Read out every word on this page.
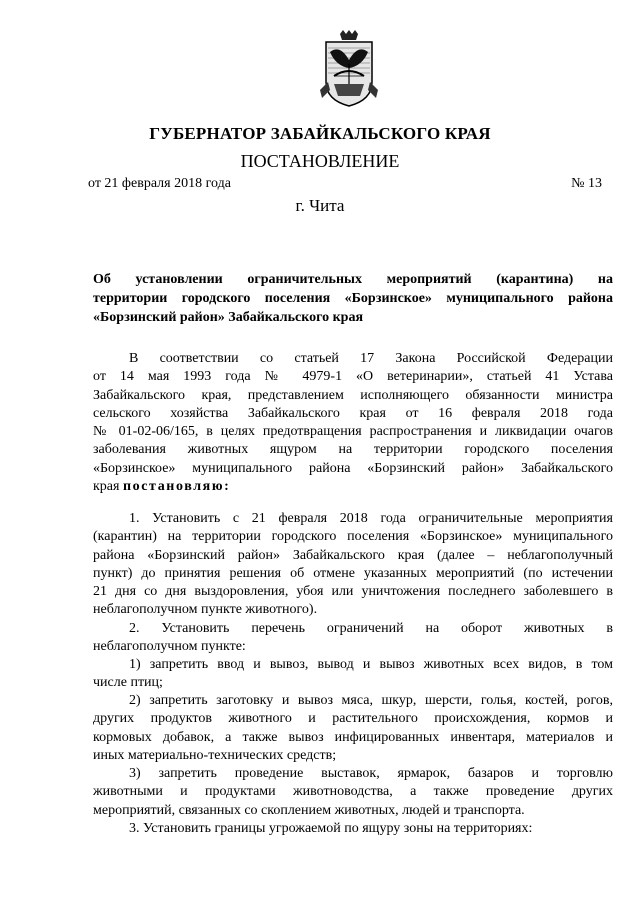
ГУБЕРНАТОР ЗАБАЙКАЛЬСКОГО КРАЯ
ПОСТАНОВЛЕНИЕ
от 21 февраля 2018 года	№ 13
г. Чита
Об установлении ограничительных мероприятий (карантина) на
территории городского поселения «Борзинское» муниципального района
«Борзинский район» Забайкальского края
В соответствии со статьей 17 Закона Российской Федерации
от 14 мая 1993 года № 4979-1 «О ветеринарии», статьей 41 Устава
Забайкальского края, представлением исполняющего обязанности министра
сельского хозяйства Забайкальского края от 16 февраля 2018 года
№ 01-02-06/165, в целях предотвращения распространения и ликвидации очагов
заболевания животных ящуром на территории городского поселения
«Борзинское» муниципального района «Борзинский район» Забайкальского
края постановляю:
1. Установить с 21 февраля 2018 года ограничительные мероприятия
(карантин) на территории городского поселения «Борзинское» муниципального
района «Борзинский район» Забайкальского края (далее – неблагополучный
пункт) до принятия решения об отмене указанных мероприятий (по истечении
21 дня со дня выздоровления, убоя или уничтожения последнего заболевшего в
неблагополучном пункте животного).
2. Установить перечень ограничений на оборот животных в
неблагополучном пункте:
1) запретить ввод и вывоз, вывод и вывоз животных всех видов, в том
числе птиц;
2) запретить заготовку и вывоз мяса, шкур, шерсти, голья, костей, рогов,
других продуктов животного и растительного происхождения, кормов и
кормовых добавок, а также вывоз инфицированных инвентаря, материалов и
иных материально-технических средств;
3) запретить проведение выставок, ярмарок, базаров и торговлю
животными и продуктами животноводства, а также проведение других
мероприятий, связанных со скоплением животных, людей и транспорта.
3. Установить границы угрожаемой по ящуру зоны на территориях:
